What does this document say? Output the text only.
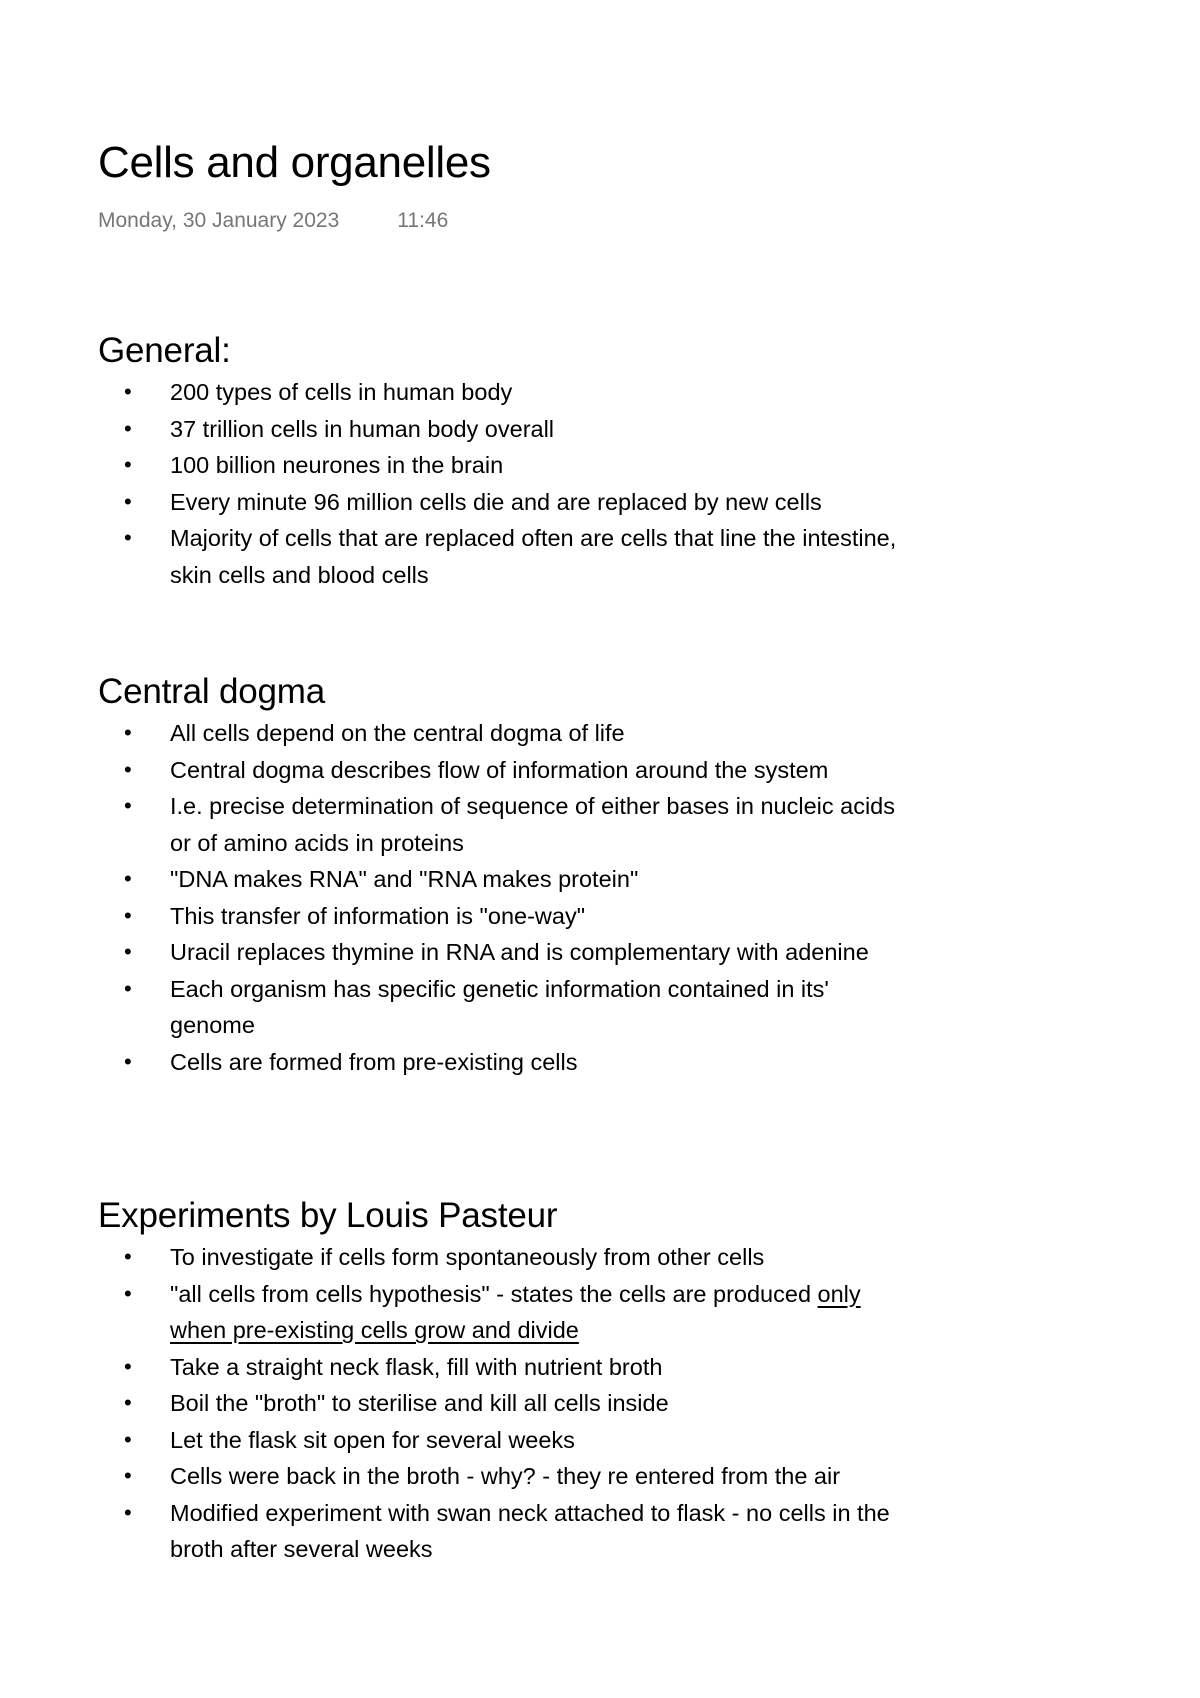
Cells and organelles
Monday, 30 January 2023	11:46
General:
• 200 types of cells in human body
• 37 trillion cells in human body overall
• 100 billion neurones in the brain
• Every minute 96 million cells die and are replaced by new cells
• Majority of cells that are replaced often are cells that line the intestine, skin cells and blood cells
Central dogma
• All cells depend on the central dogma of life
• Central dogma describes flow of information around the system
• I.e. precise determination of sequence of either bases in nucleic acids or of amino acids in proteins
• "DNA makes RNA" and "RNA makes protein"
• This transfer of information is "one-way"
• Uracil replaces thymine in RNA and is complementary with adenine
• Each organism has specific genetic information contained in its' genome
• Cells are formed from pre-existing cells
Experiments by Louis Pasteur
• To investigate if cells form spontaneously from other cells
• "all cells from cells hypothesis" - states the cells are produced only when pre-existing cells grow and divide
• Take a straight neck flask, fill with nutrient broth
• Boil the "broth" to sterilise and kill all cells inside
• Let the flask sit open for several weeks
• Cells were back in the broth - why? - they re entered from the air
• Modified experiment with swan neck attached to flask - no cells in the broth after several weeks
